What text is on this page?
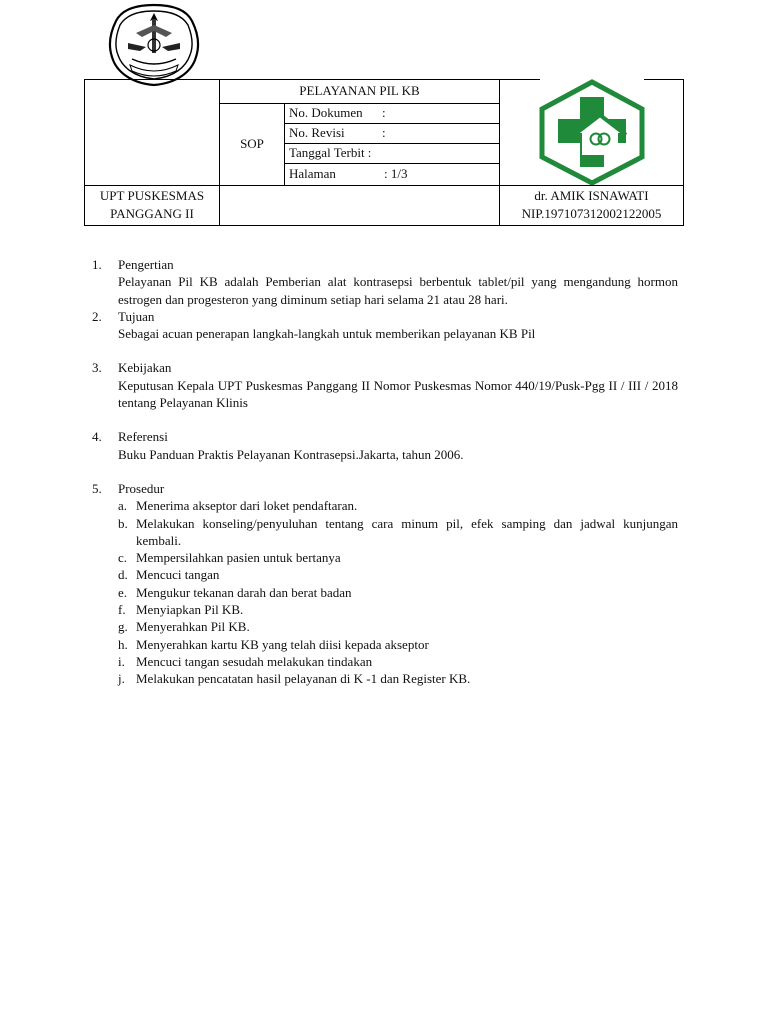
PELAYANAN PIL KB
SOP
No. Dokumen :
No. Revisi	:
Tanggal Terbit :
Halaman	: 1/3
UPT PUSKESMAS
PANGGANG II
dr. AMIK ISNAWATI
NIP.197107312002122005
1. Pengertian
Pelayanan Pil KB adalah Pemberian alat kontrasepsi berbentuk tablet/pil yang mengandung hormon estrogen dan progesteron yang diminum setiap hari selama 21 atau 28 hari.
2. Tujuan
Sebagai acuan penerapan langkah-langkah untuk memberikan pelayanan KB Pil
3. Kebijakan
Keputusan Kepala UPT Puskesmas Panggang II Nomor Puskesmas Nomor 440/19/Pusk-Pgg II / III / 2018 tentang Pelayanan Klinis
4. Referensi
Buku Panduan Praktis Pelayanan Kontrasepsi.Jakarta, tahun 2006.
5. Prosedur
a. Menerima akseptor dari loket pendaftaran.
b. Melakukan konseling/penyuluhan tentang cara minum pil, efek samping dan jadwal kunjungan kembali.
c. Mempersilahkan pasien untuk bertanya
d. Mencuci tangan
e. Mengukur tekanan darah dan berat badan
f. Menyiapkan Pil KB.
g. Menyerahkan Pil KB.
h. Menyerahkan kartu KB yang telah diisi kepada akseptor
i. Mencuci tangan sesudah melakukan tindakan
j. Melakukan pencatatan hasil pelayanan di K -1 dan Register KB.
